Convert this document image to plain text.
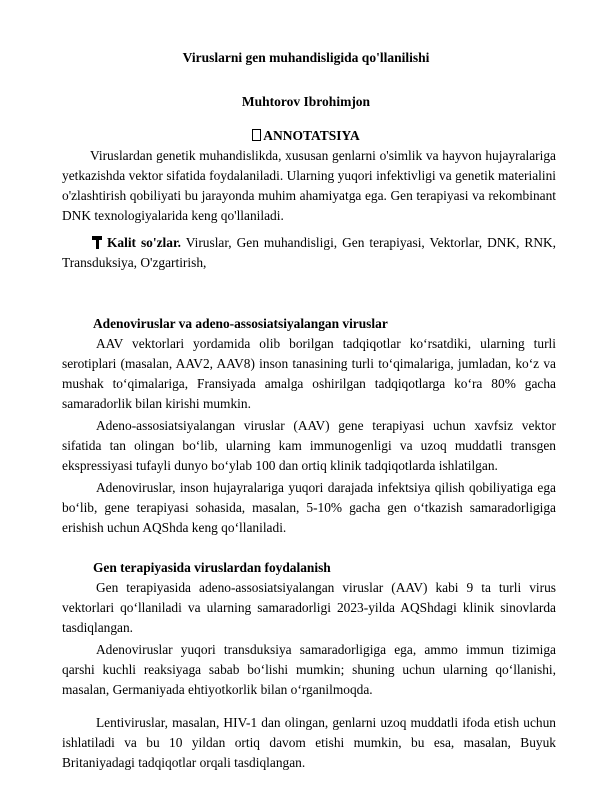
Viruslarni gen muhandisligida qo'llanilishi
Muhtorov Ibrohimjon
ANNOTATSIYA
Viruslardan genetik muhandislikda, xususan genlarni o'simlik va hayvon hujayralariga yetkazishda vektor sifatida foydalaniladi. Ularning yuqori infektivligi va genetik materialini o'zlashtirish qobiliyati bu jarayonda muhim ahamiyatga ega. Gen terapiyasi va rekombinant DNK texnologiyalarida keng qo'llaniladi.
Kalit so'zlar. Viruslar, Gen muhandisligi, Gen terapiyasi, Vektorlar, DNK, RNK, Transduksiya, O'zgartirish,
Adenoviruslar va adeno-assosiatsiyalangan viruslar
AAV vektorlari yordamida olib borilgan tadqiqotlar ko‘rsatdiki, ularning turli serotiplari (masalan, AAV2, AAV8) inson tanasining turli to‘qimalariga, jumladan, ko‘z va mushak to‘qimalariga, Fransiyada amalga oshirilgan tadqiqotlarga ko‘ra 80% gacha samaradorlik bilan kirishi mumkin.
Adeno-assosiatsiyalangan viruslar (AAV) gene terapiyasi uchun xavfsiz vektor sifatida tan olingan bo‘lib, ularning kam immunogenligi va uzoq muddatli transgen ekspressiyasi tufayli dunyo bo‘ylab 100 dan ortiq klinik tadqiqotlarda ishlatilgan.
Adenoviruslar, inson hujayralariga yuqori darajada infektsiya qilish qobiliyatiga ega bo‘lib, gene terapiyasi sohasida, masalan, 5-10% gacha gen o‘tkazish samaradorligiga erishish uchun AQShda keng qo‘llaniladi.
Gen terapiyasida viruslardan foydalanish
Gen terapiyasida adeno-assosiatsiyalangan viruslar (AAV) kabi 9 ta turli virus vektorlari qo‘llaniladi va ularning samaradorligi 2023-yilda AQShdagi klinik sinovlarda tasdiqlangan.
Adenoviruslar yuqori transduksiya samaradorligiga ega, ammo immun tizimiga qarshi kuchli reaksiyaga sabab bo‘lishi mumkin; shuning uchun ularning qo‘llanishi, masalan, Germaniyada ehtiyotkorlik bilan o‘rganilmoqda.
Lentiviruslar, masalan, HIV-1 dan olingan, genlarni uzoq muddatli ifoda etish uchun ishlatiladi va bu 10 yildan ortiq davom etishi mumkin, bu esa, masalan, Buyuk Britaniyadagi tadqiqotlar orqali tasdiqlangan.
